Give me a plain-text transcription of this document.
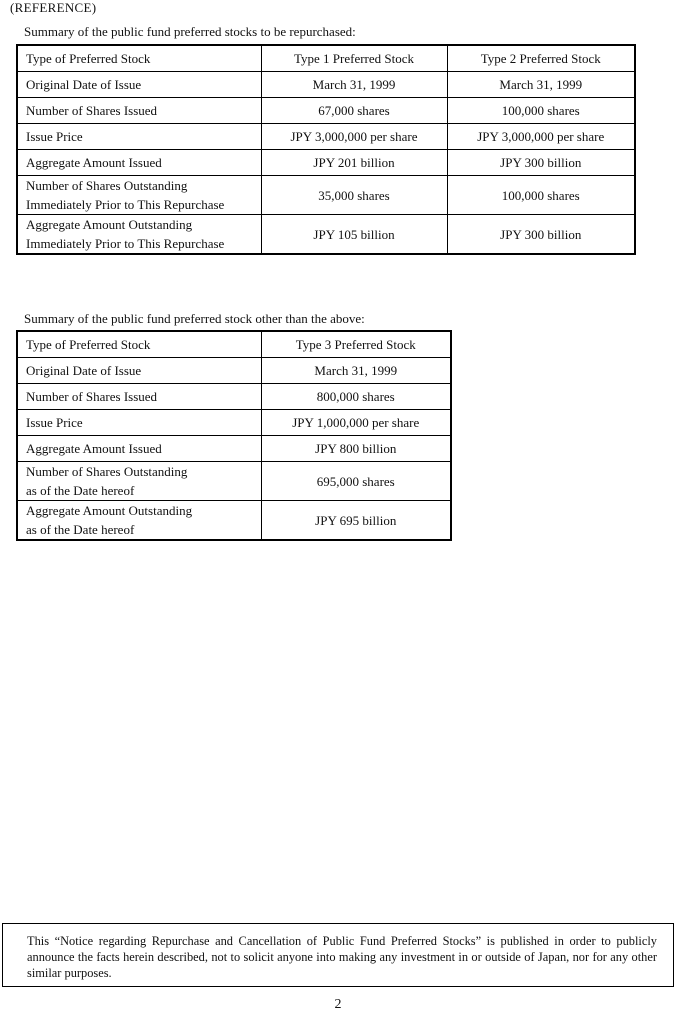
(REFERENCE)
Summary of the public fund preferred stocks to be repurchased:
Type of Preferred Stock	Type 1 Preferred Stock	Type 2 Preferred Stock
Original Date of Issue	March 31, 1999	March 31, 1999
Number of Shares Issued	67,000 shares	100,000 shares
Issue Price	JPY 3,000,000 per share	JPY 3,000,000 per share
Aggregate Amount Issued	JPY 201 billion	JPY 300 billion

Number of Shares Outstanding
Immediately Prior to This Repurchase	35,000 shares	100,000 shares

Aggregate Amount Outstanding
Immediately Prior to This Repurchase	JPY 105 billion	JPY 300 billion
Summary of the public fund preferred stock other than the above:
Type of Preferred Stock	Type 3 Preferred Stock
Original Date of Issue	March 31, 1999
Number of Shares Issued	800,000 shares
Issue Price	JPY 1,000,000 per share
Aggregate Amount Issued	JPY 800 billion

Number of Shares Outstanding
as of the Date hereof	695,000 shares

Aggregate Amount Outstanding
as of the Date hereof	JPY 695 billion
This “Notice regarding Repurchase and Cancellation of Public Fund Preferred Stocks” is published in order to publicly announce the facts herein described, not to solicit anyone into making any investment in or outside of Japan, nor for any other similar purposes.
2
